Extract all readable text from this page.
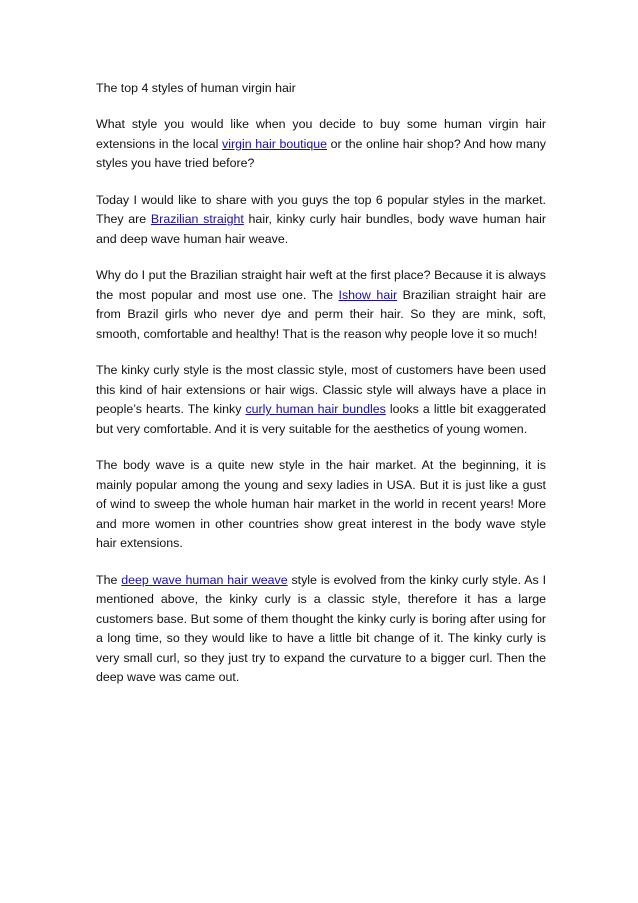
The top 4 styles of human virgin hair

What style you would like when you decide to buy some human virgin hair extensions in the local virgin hair boutique or the online hair shop? And how many styles you have tried before?

Today I would like to share with you guys the top 6 popular styles in the market. They are Brazilian straight hair, kinky curly hair bundles, body wave human hair and deep wave human hair weave.

Why do I put the Brazilian straight hair weft at the first place? Because it is always the most popular and most use one. The Ishow hair Brazilian straight hair are from Brazil girls who never dye and perm their hair. So they are mink, soft, smooth, comfortable and healthy! That is the reason why people love it so much!

The kinky curly style is the most classic style, most of customers have been used this kind of hair extensions or hair wigs. Classic style will always have a place in people’s hearts. The kinky curly human hair bundles looks a little bit exaggerated but very comfortable. And it is very suitable for the aesthetics of young women.

The body wave is a quite new style in the hair market. At the beginning, it is mainly popular among the young and sexy ladies in USA. But it is just like a gust of wind to sweep the whole human hair market in the world in recent years! More and more women in other countries show great interest in the body wave style hair extensions.

The deep wave human hair weave style is evolved from the kinky curly style. As I mentioned above, the kinky curly is a classic style, therefore it has a large customers base. But some of them thought the kinky curly is boring after using for a long time, so they would like to have a little bit change of it. The kinky curly is very small curl, so they just try to expand the curvature to a bigger curl. Then the deep wave was came out.
